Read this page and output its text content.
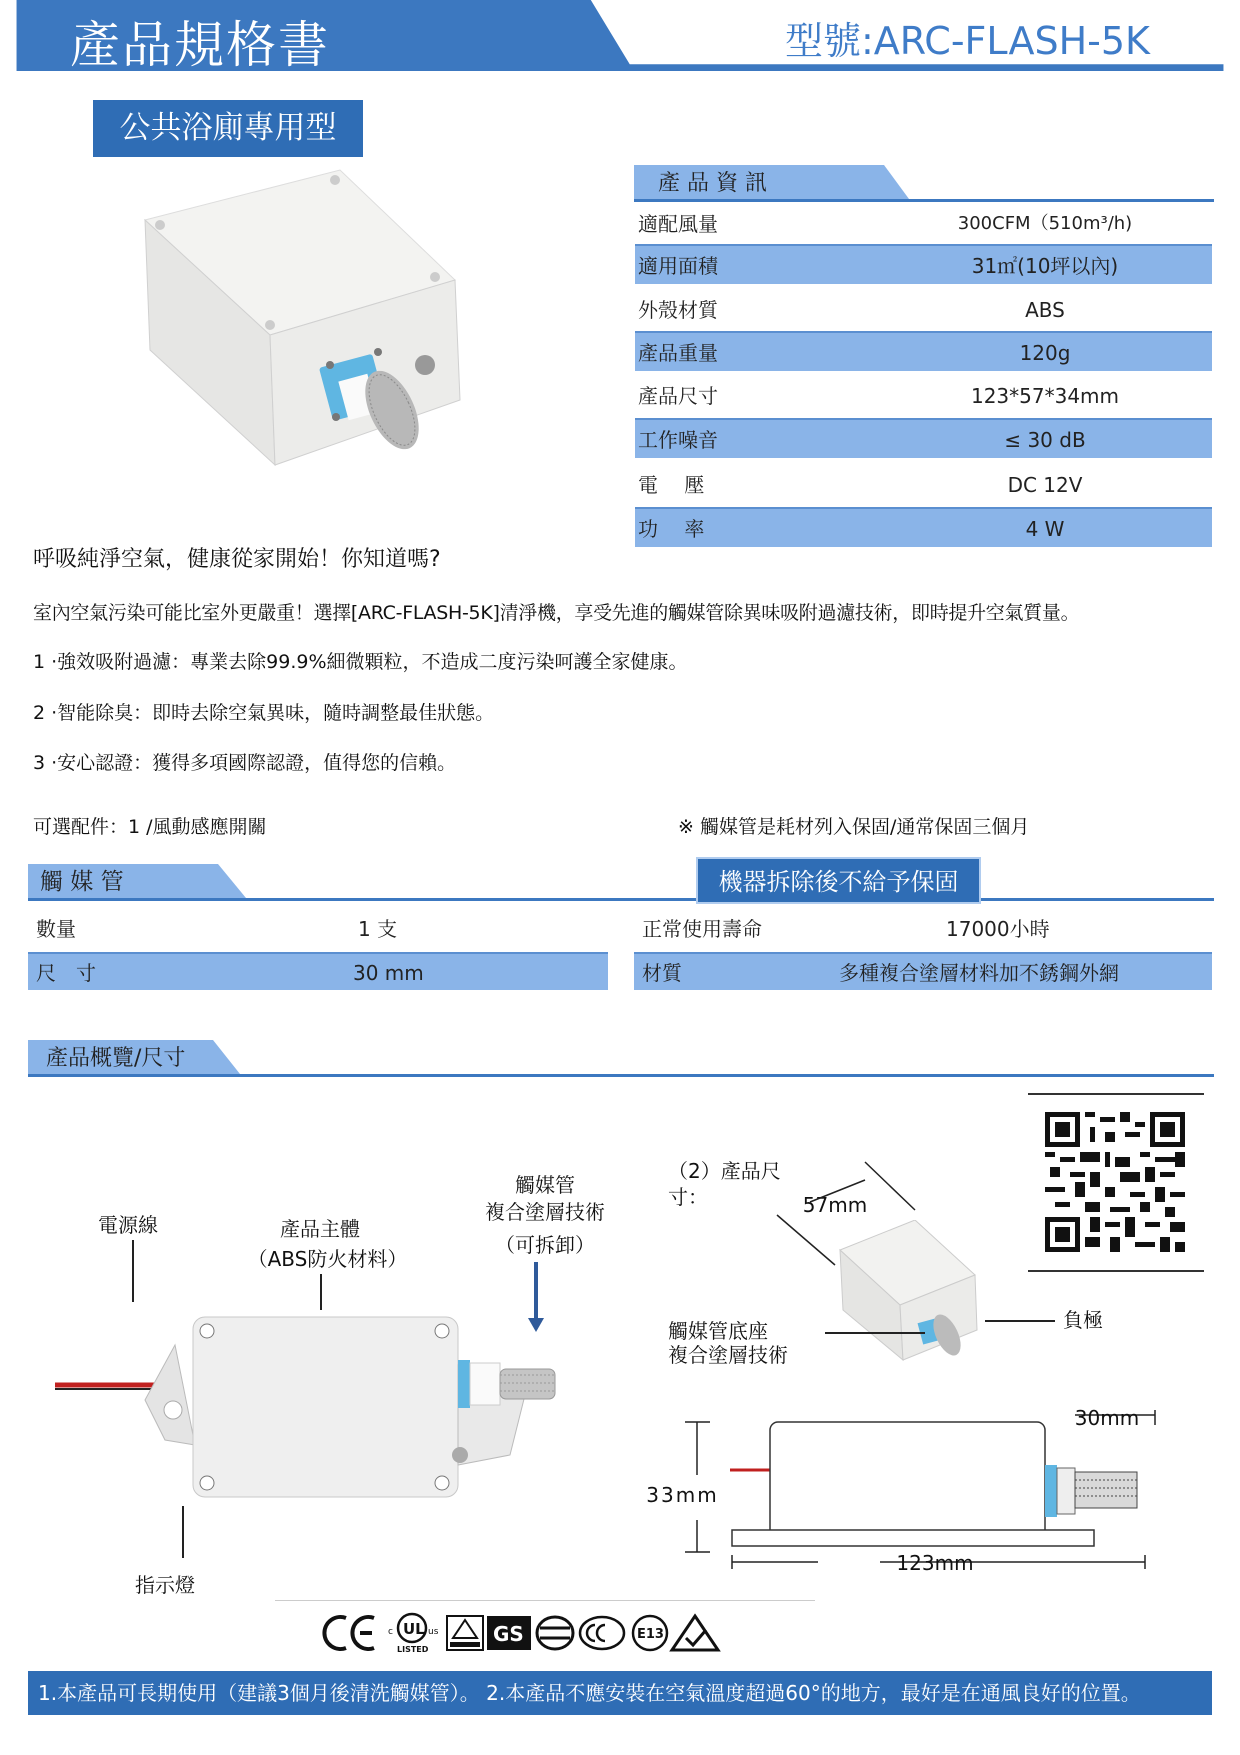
產品規格書	型號:ARC-FLASH-5K
公共浴廁專用型
產 品 資 訊
適配風量	300CFM（510m³/h)
適用面積	31㎡(10坪以內)
外殼材質	ABS
產品重量	120g
產品尺寸	123*57*34mm
工作噪音	≤ 30 dB
電　 壓	DC 12V
功　 率	4 W
呼吸純淨空氣，健康從家開始！你知道嗎?
室內空氣污染可能比室外更嚴重！選擇[ARC-FLASH-5K]清淨機，享受先進的觸媒管除異味吸附過濾技術，即時提升空氣質量。
1 ·強效吸附過濾：專業去除99.9%細微顆粒，不造成二度污染呵護全家健康。
2 ·智能除臭：即時去除空氣異味，隨時調整最佳狀態。
3 ·安心認證：獲得多項國際認證，值得您的信賴。
可選配件：1 /風動感應開關	※ 觸媒管是耗材列入保固/通常保固三個月
觸 媒 管	機器拆除後不給予保固
數量	1 支
尺　寸	30 mm
正常使用壽命	17000小時
材質	多種複合塗層材料加不銹鋼外網
產品概覽/尺寸
電源線	產品主體
（ABS防火材料）
觸媒管
複合塗層技術
（可拆卸）
指示燈
（2）產品尺寸：	57mm
觸媒管底座
複合塗層技術
負極
30mm
33mm
123mm
c UL us
LISTED
GS	E13
1.本產品可長期使用（建議3個月後清洗觸媒管）。 2.本產品不應安裝在空氣溫度超過60°的地方，最好是在通風良好的位置。
